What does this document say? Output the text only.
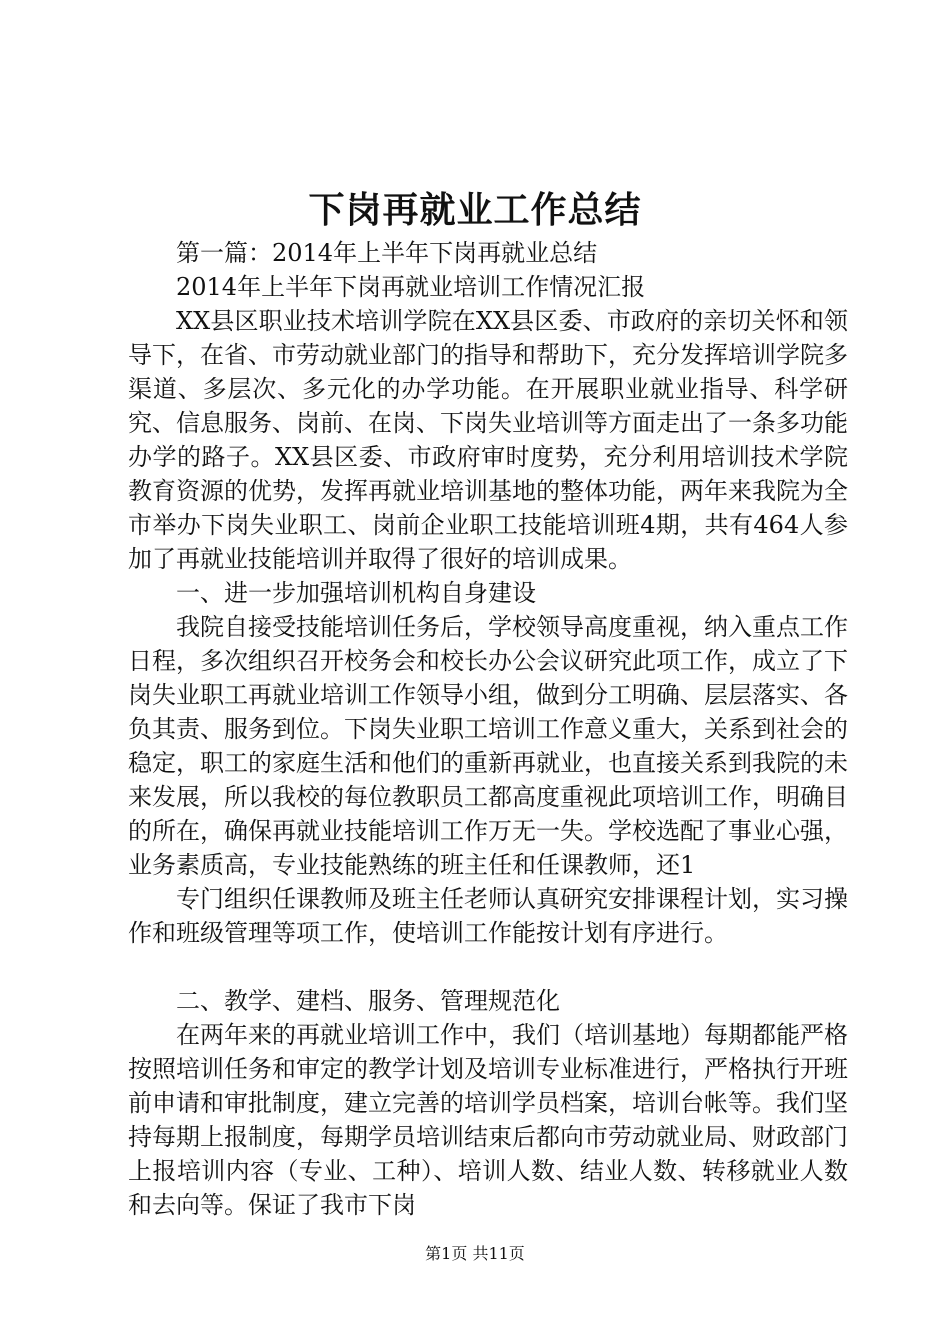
下岗再就业工作总结

第一篇：2014年上半年下岗再就业总结

2014年上半年下岗再就业培训工作情况汇报

XX县区职业技术培训学院在XX县区委、市政府的亲切关怀和领导下，在省、市劳动就业部门的指导和帮助下，充分发挥培训学院多渠道、多层次、多元化的办学功能。在开展职业就业指导、科学研究、信息服务、岗前、在岗、下岗失业培训等方面走出了一条多功能办学的路子。XX县区委、市政府审时度势，充分利用培训技术学院教育资源的优势，发挥再就业培训基地的整体功能，两年来我院为全市举办下岗失业职工、岗前企业职工技能培训班4期，共有464人参加了再就业技能培训并取得了很好的培训成果。

一、进一步加强培训机构自身建设

我院自接受技能培训任务后，学校领导高度重视，纳入重点工作日程，多次组织召开校务会和校长办公会议研究此项工作，成立了下岗失业职工再就业培训工作领导小组，做到分工明确、层层落实、各负其责、服务到位。下岗失业职工培训工作意义重大，关系到社会的稳定，职工的家庭生活和他们的重新再就业，也直接关系到我院的未来发展，所以我校的每位教职员工都高度重视此项培训工作，明确目的所在，确保再就业技能培训工作万无一失。学校选配了事业心强，业务素质高，专业技能熟练的班主任和任课教师，还1

专门组织任课教师及班主任老师认真研究安排课程计划，实习操作和班级管理等项工作，使培训工作能按计划有序进行。

二、教学、建档、服务、管理规范化

在两年来的再就业培训工作中，我们（培训基地）每期都能严格按照培训任务和审定的教学计划及培训专业标准进行，严格执行开班前申请和审批制度，建立完善的培训学员档案，培训台帐等。我们坚持每期上报制度，每期学员培训结束后都向市劳动就业局、财政部门上报培训内容（专业、工种）、培训人数、结业人数、转移就业人数和去向等。保证了我市下岗

第1页 共11页
